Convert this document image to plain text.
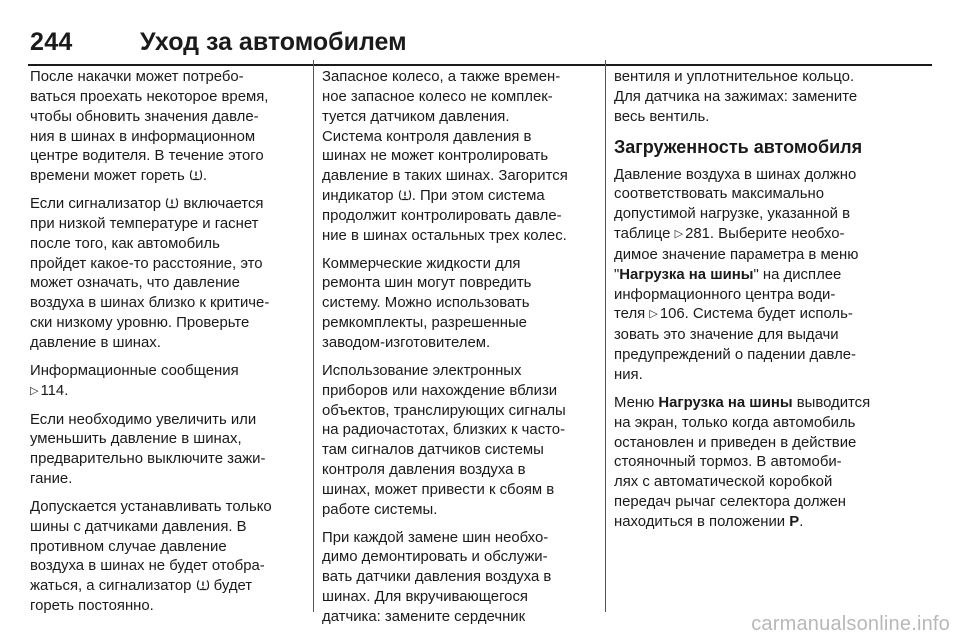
244	Уход за автомобилем

После накачки может потребо-
ваться проехать некоторое время,
чтобы обновить значения давле-
ния в шинах в информационном
центре водителя. В течение этого
времени может гореть .

Если сигнализатор  включается
при низкой температуре и гаснет
после того, как автомобиль
пройдет какое-то расстояние, это
может означать, что давление
воздуха в шинах близко к критиче-
ски низкому уровню. Проверьте
давление в шинах.

Информационные сообщения
▷ 114.

Если необходимо увеличить или
уменьшить давление в шинах,
предварительно выключите зажи-
гание.

Допускается устанавливать только
шины с датчиками давления. В
противном случае давление
воздуха в шинах не будет отобра-
жаться, а сигнализатор  будет
гореть постоянно.

Запасное колесо, а также времен-
ное запасное колесо не комплек-
туется датчиком давления.
Система контроля давления в
шинах не может контролировать
давление в таких шинах. Загорится
индикатор . При этом система
продолжит контролировать давле-
ние в шинах остальных трех колес.

Коммерческие жидкости для
ремонта шин могут повредить
систему. Можно использовать
ремкомплекты, разрешенные
заводом-изготовителем.

Использование электронных
приборов или нахождение вблизи
объектов, транслирующих сигналы
на радиочастотах, близких к часто-
там сигналов датчиков системы
контроля давления воздуха в
шинах, может привести к сбоям в
работе системы.

При каждой замене шин необхо-
димо демонтировать и обслужи-
вать датчики давления воздуха в
шинах. Для вкручивающегося
датчика: замените сердечник

вентиля и уплотнительное кольцо.
Для датчика на зажимах: замените
весь вентиль.

Загруженность автомобиля

Давление воздуха в шинах должно
соответствовать максимально
допустимой нагрузке, указанной в
таблице ▷ 281. Выберите необхо-
димое значение параметра в меню
"Нагрузка на шины" на дисплее
информационного центра води-
теля ▷ 106. Система будет исполь-
зовать это значение для выдачи
предупреждений о падении давле-
ния.

Меню Нагрузка на шины выводится
на экран, только когда автомобиль
остановлен и приведен в действие
стояночный тормоз. В автомоби-
лях с автоматической коробкой
передач рычаг селектора должен
находиться в положении P.

carmanualsonline.info
